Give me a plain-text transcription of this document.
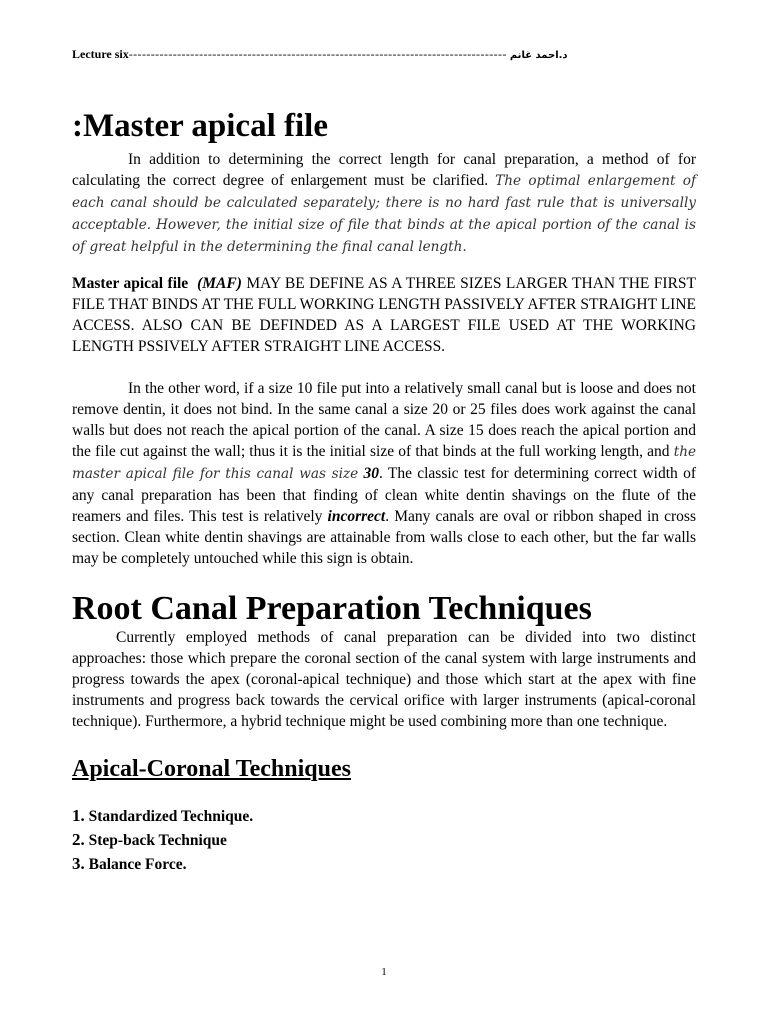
Lecture six-------------------------------------------------------------------------------------- د.احمد غانم
:Master apical file

In addition to determining the correct length for canal preparation, a method of for calculating the correct degree of enlargement must be clarified. The optimal enlargement of each canal should be calculated separately; there is no hard fast rule that is universally acceptable. However, the initial size of file that binds at the apical portion of the canal is of great helpful in the determining the final canal length.

Master apical file (MAF) MAY BE DEFINE AS A THREE SIZES LARGER THAN THE FIRST FILE THAT BINDS AT THE FULL WORKING LENGTH PASSIVELY AFTER STRAIGHT LINE ACCESS. ALSO CAN BE DEFINDED AS A LARGEST FILE USED AT THE WORKING LENGTH PSSIVELY AFTER STRAIGHT LINE ACCESS.

In the other word, if a size 10 file put into a relatively small canal but is loose and does not remove dentin, it does not bind. In the same canal a size 20 or 25 files does work against the canal walls but does not reach the apical portion of the canal. A size 15 does reach the apical portion and the file cut against the wall; thus it is the initial size of that binds at the full working length, and the master apical file for this canal was size 30. The classic test for determining correct width of any canal preparation has been that finding of clean white dentin shavings on the flute of the reamers and files. This test is relatively incorrect. Many canals are oval or ribbon shaped in cross section. Clean white dentin shavings are attainable from walls close to each other, but the far walls may be completely untouched while this sign is obtain.

Root Canal Preparation Techniques

Currently employed methods of canal preparation can be divided into two distinct approaches: those which prepare the coronal section of the canal system with large instruments and progress towards the apex (coronal-apical technique) and those which start at the apex with fine instruments and progress back towards the cervical orifice with larger instruments (apical-coronal technique). Furthermore, a hybrid technique might be used combining more than one technique.

Apical-Coronal Techniques
1. Standardized Technique.
2. Step-back Technique
3. Balance Force.
1
